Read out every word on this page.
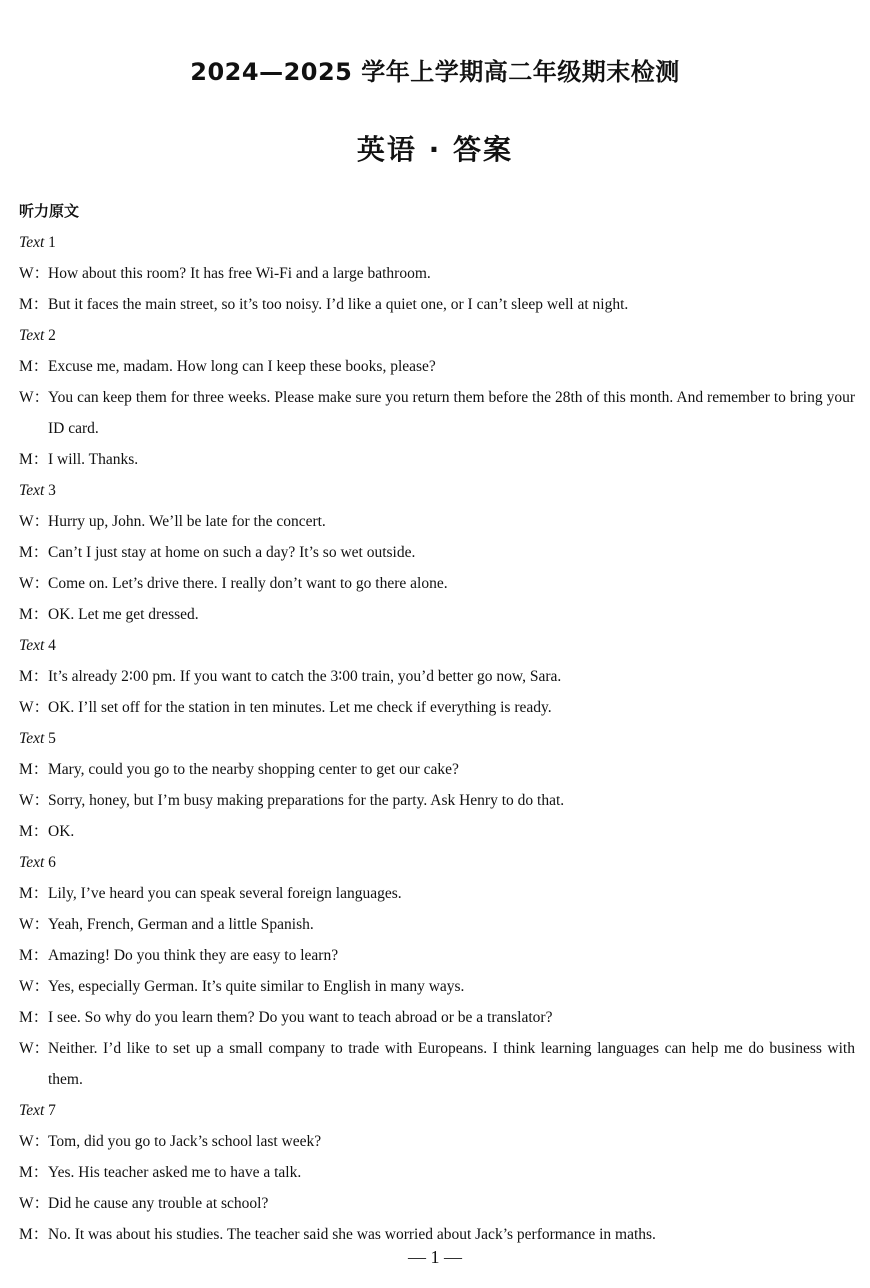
2024—2025 学年上学期高二年级期末检测
英语 · 答案
听力原文
Text 1
W：
How about this room? It has free Wi-Fi and a large bathroom.
M： But it faces the main street, so it’s too noisy. I’d like a quiet one, or I can’t sleep well at night.
Text 2
M： Excuse me, madam. How long can I keep these books, please?
W：
You can keep them for three weeks. Please make sure you return them before the 28th of this month. And remember to bring your ID card.
M： I will. Thanks.
Text 3
W：
Hurry up, John. We’ll be late for the concert.
M： Can’t I just stay at home on such a day? It’s so wet outside.
W：
Come on. Let’s drive there. I really don’t want to go there alone.
M： OK. Let me get dressed.
Text 4
M： It’s already 2∶00 pm. If you want to catch the 3∶00 train, you’d better go now, Sara.
W：
OK. I’ll set off for the station in ten minutes. Let me check if everything is ready.
Text 5
M： Mary, could you go to the nearby shopping center to get our cake?
W：
Sorry, honey, but I’m busy making preparations for the party. Ask Henry to do that.
M： OK.
Text 6
M： Lily, I’ve heard you can speak several foreign languages.
W：
Yeah, French, German and a little Spanish.
M： Amazing! Do you think they are easy to learn?
W：
Yes, especially German. It’s quite similar to English in many ways.
M： I see. So why do you learn them? Do you want to teach abroad or be a translator?
W：
Neither. I’d like to set up a small company to trade with Europeans. I think learning languages can help me do business with them.
Text 7
W：
Tom, did you go to Jack’s school last week?
M： Yes. His teacher asked me to have a talk.
W：
Did he cause any trouble at school?
M： No. It was about his studies. The teacher said she was worried about Jack’s performance in maths.
— 1 —
